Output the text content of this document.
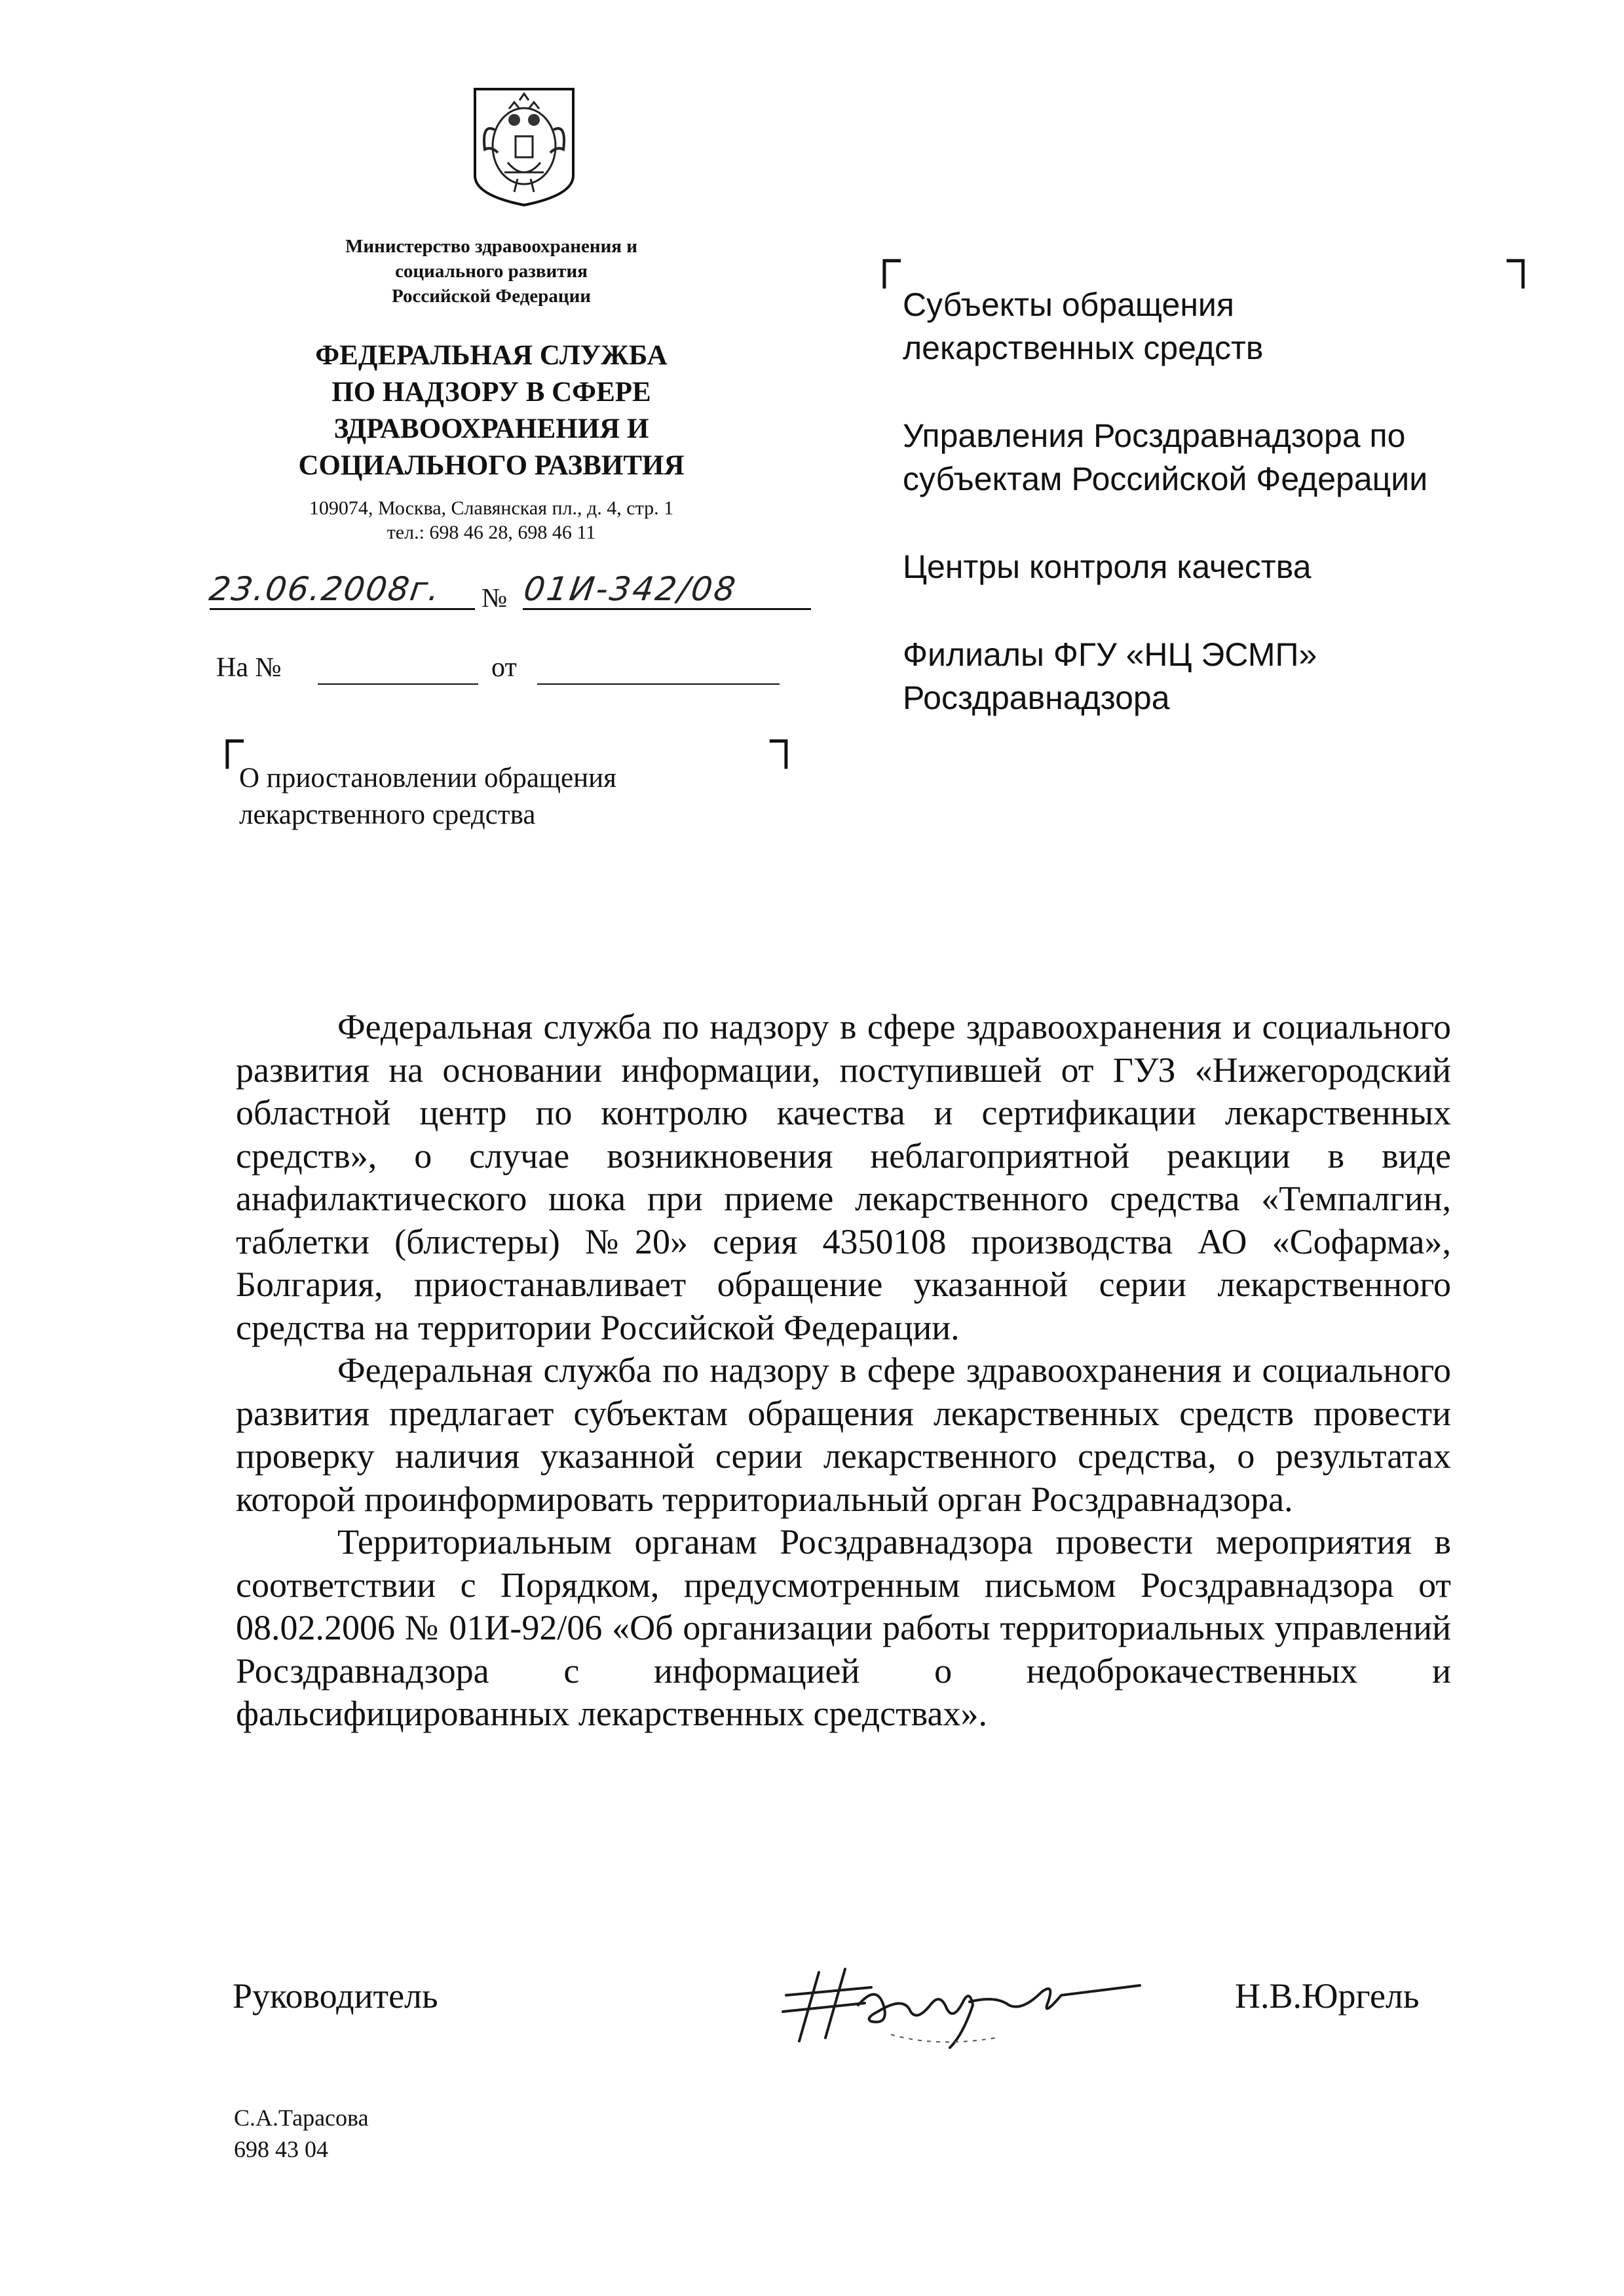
Министерство здравоохранения и
социального развития
Российской Федерации
ФЕДЕРАЛЬНАЯ СЛУЖБА
ПО НАДЗОРУ В СФЕРЕ
ЗДРАВООХРАНЕНИЯ И
СОЦИАЛЬНОГО РАЗВИТИЯ
109074, Москва, Славянская пл., д. 4, стр. 1
тел.: 698 46 28, 698 46 11
23.06.2008г. № 01И-342/08
На №	от
┌	┐
┌	┐
О приостановлении обращения
лекарственного средства
Субъекты обращения
лекарственных средств
Управления Росздравнадзора по
субъектам Российской Федерации
Центры контроля качества
Филиалы ФГУ «НЦ ЭСМП»
Росздравнадзора

Федеральная служба по надзору в сфере здравоохранения и социального развития на основании информации, поступившей от ГУЗ «Нижегородский областной центр по контролю качества и сертификации лекарственных средств», о случае возникновения неблагоприятной реакции в виде анафилактического шока при приеме лекарственного средства «Темпалгин, таблетки (блистеры) №20» серия 4350108 производства АО «Софарма», Болгария, приостанавливает обращение указанной серии лекарственного средства на территории Российской Федерации.

Федеральная служба по надзору в сфере здравоохранения и социального развития предлагает субъектам обращения лекарственных средств провести проверку наличия указанной серии лекарственного средства, о результатах которой проинформировать территориальный орган Росздравнадзора.

Территориальным органам Росздравнадзора провести мероприятия в соответствии с Порядком, предусмотренным письмом Росздравнадзора от 08.02.2006 № 01И-92/06 «Об организации работы территориальных управлений Росздравнадзора с информацией о недоброкачественных и фальсифицированных лекарственных средствах».

Руководитель	Н.В.Юргель
С.А.Тарасова
698 43 04
